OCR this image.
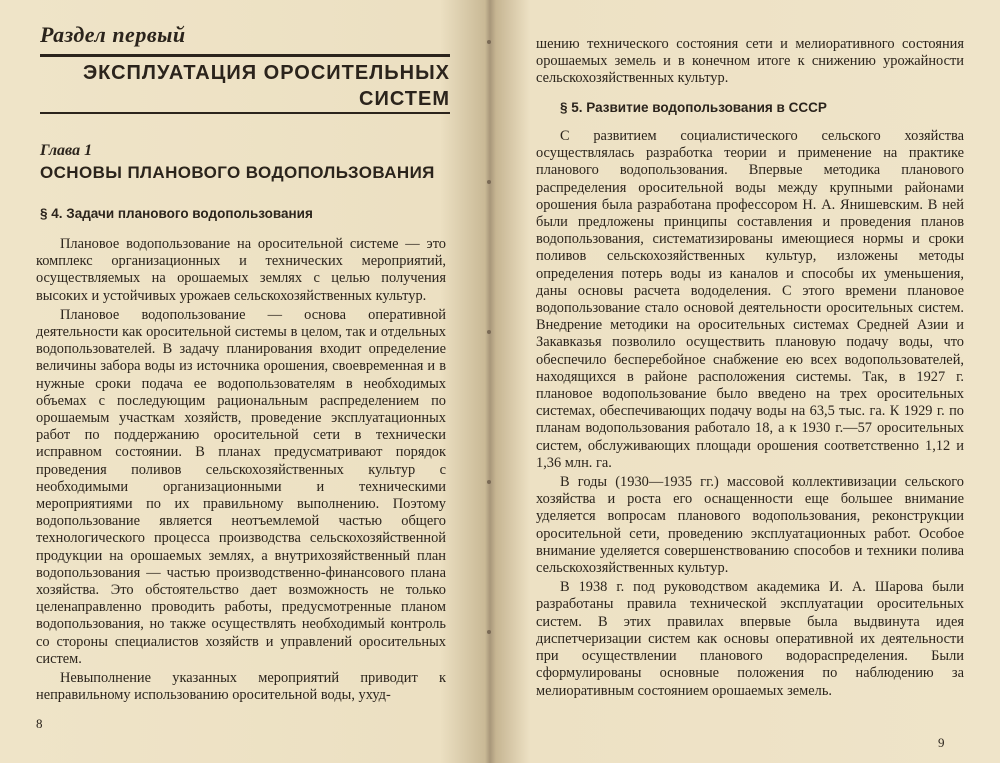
Раздел первый
ЭКСПЛУАТАЦИЯ ОРОСИТЕЛЬНЫХ СИСТЕМ
Глава 1
ОСНОВЫ ПЛАНОВОГО ВОДОПОЛЬЗОВАНИЯ
§ 4. Задачи планового водопользования

Плановое водопользование на оросительной системе — это комплекс организационных и технических мероприятий, осуществляемых на орошаемых землях с целью получения высоких и устойчивых урожаев сельскохозяйственных культур.

Плановое водопользование — основа оперативной деятельности как оросительной системы в целом, так и отдельных водопользователей. В задачу планирования входит определение величины забора воды из источника орошения, своевременная и в нужные сроки подача ее водопользователям в необходимых объемах с последующим рациональным распределением по орошаемым участкам хозяйств, проведение эксплуатационных работ по поддержанию оросительной сети в технически исправном состоянии. В планах предусматривают порядок проведения поливов сельскохозяйственных культур с необходимыми организационными и техническими мероприятиями по их правильному выполнению. Поэтому водопользование является неотъемлемой частью общего технологического процесса производства сельскохозяйственной продукции на орошаемых землях, а внутрихозяйственный план водопользования — частью производственно-финансового плана хозяйства. Это обстоятельство дает возможность не только целенаправленно проводить работы, предусмотренные планом водопользования, но также осуществлять необходимый контроль со стороны специалистов хозяйств и управлений оросительных систем.

Невыполнение указанных мероприятий приводит к неправильному использованию оросительной воды, ухуд-

8

шению технического состояния сети и мелиоративного состояния орошаемых земель и в конечном итоге к снижению урожайности сельскохозяйственных культур.

§ 5. Развитие водопользования в СССР

С развитием социалистического сельского хозяйства осуществлялась разработка теории и применение на практике планового водопользования. Впервые методика планового распределения оросительной воды между крупными районами орошения была разработана профессором Н. А. Янишевским. В ней были предложены принципы составления и проведения планов водопользования, систематизированы имеющиеся нормы и сроки поливов сельскохозяйственных культур, изложены методы определения потерь воды из каналов и способы их уменьшения, даны основы расчета вододеления. С этого времени плановое водопользование стало основой деятельности оросительных систем. Внедрение методики на оросительных системах Средней Азии и Закавказья позволило осуществить плановую подачу воды, что обеспечило бесперебойное снабжение ею всех водопользователей, находящихся в районе расположения системы. Так, в 1927 г. плановое водопользование было введено на трех оросительных системах, обеспечивающих подачу воды на 63,5 тыс. га. К 1929 г. по планам водопользования работало 18, а к 1930 г.—57 оросительных систем, обслуживающих площади орошения соответственно 1,12 и 1,36 млн. га.

В годы (1930—1935 гг.) массовой коллективизации сельского хозяйства и роста его оснащенности еще большее внимание уделяется вопросам планового водопользования, реконструкции оросительной сети, проведению эксплуатационных работ. Особое внимание уделяется совершенствованию способов и техники полива сельскохозяйственных культур.

В 1938 г. под руководством академика И. А. Шарова были разработаны правила технической эксплуатации оросительных систем. В этих правилах впервые была выдвинута идея диспетчеризации систем как основы оперативной их деятельности при осуществлении планового водораспределения. Были сформулированы основные положения по наблюдению за мелиоративным состоянием орошаемых земель.

9
